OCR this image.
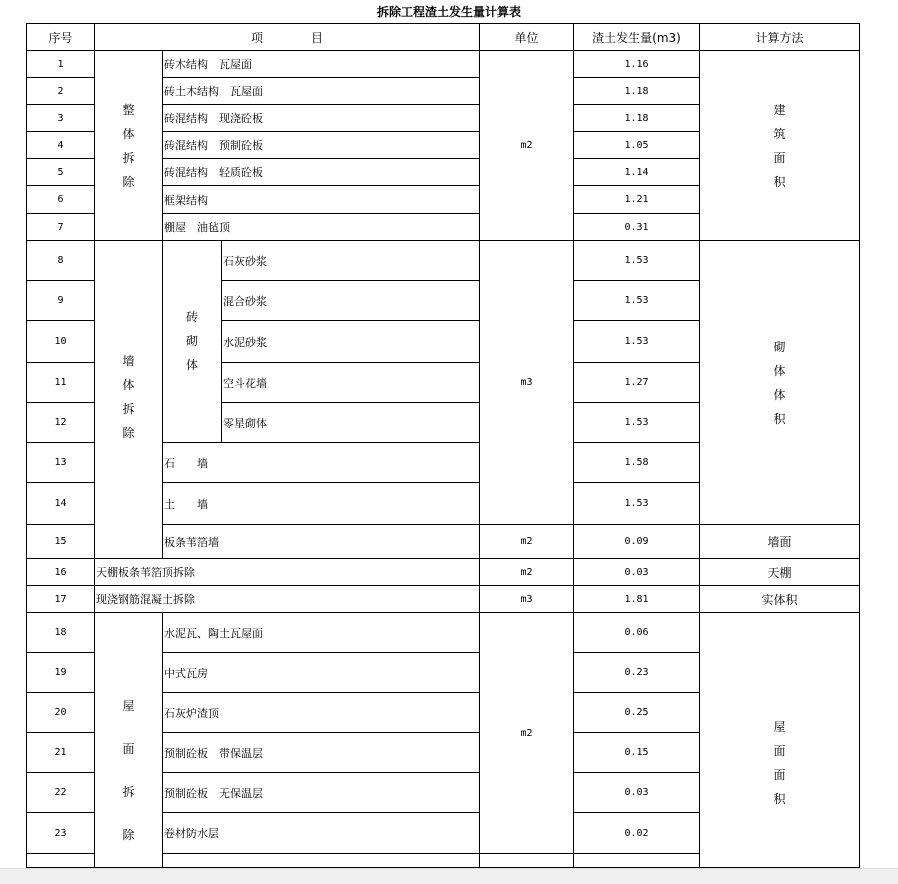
拆除工程渣土发生量计算表
序号	项　　　　目			单位	渣土发生量(m3)	计算方法
1	整体拆除	砖木结构　瓦屋面		m2	1.16	建筑面积

2		砖土木结构　瓦屋面			1.18	
3		砖混结构　现浇砼板			1.18	
4		砖混结构　预制砼板			1.05	
5		砖混结构　轻质砼板			1.14	
6		框架结构			1.21	
7		棚屋　油毡顶			0.31	
8	墙体拆除	砖砌体	石灰砂浆	m3	1.53	砌体体积

9			混合砂浆		1.53	
10			水泥砂浆		1.53	
11			空斗花墙		1.27	
12			零星砌体		1.53	
13		石　　墙			1.58	
14		土　　墙			1.53	
15		板条苇箔墙		m2	0.09	墙面
16	天棚板条苇箔顶拆除			m2	0.03	天棚
17	现浇钢筋混凝土拆除			m3	1.81	实体积
18	屋面拆除	水泥瓦、陶土瓦屋面		m2	0.06	屋面面积

19		中式瓦房			0.23	
20		石灰炉渣顶			0.25	
21		预制砼板　带保温层			0.15	
22		预制砼板　无保温层			0.03	
23		卷材防水层			0.02	
